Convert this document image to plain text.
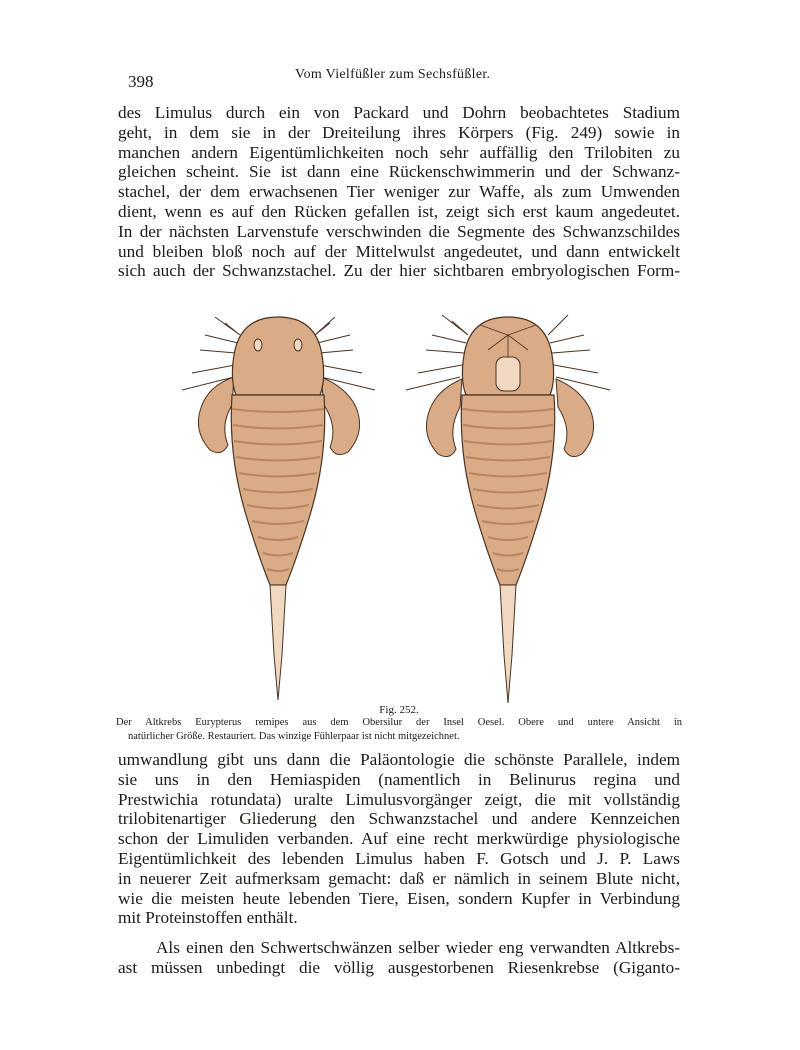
398	Vom Vielfüßler zum Sechsfüßler.
des Limulus durch ein von Packard und Dohrn beobachtetes Stadium
geht, in dem sie in der Dreiteilung ihres Körpers (Fig. 249) sowie in
manchen andern Eigentümlichkeiten noch sehr auffällig den Trilobiten zu
gleichen scheint. Sie ist dann eine Rückenschwimmerin und der Schwanz-
stachel, der dem erwachsenen Tier weniger zur Waffe, als zum Umwenden
dient, wenn es auf den Rücken gefallen ist, zeigt sich erst kaum angedeutet.
In der nächsten Larvenstufe verschwinden die Segmente des Schwanzschildes
und bleiben bloß noch auf der Mittelwulst angedeutet, und dann entwickelt
sich auch der Schwanzstachel. Zu der hier sichtbaren embryologischen Form-
Fig. 252.
Der Altkrebs Eurypterus remipes aus dem Obersilur der Insel Oesel. Obere und untere Ansicht in
natürlicher Größe. Restauriert. Das winzige Fühlerpaar ist nicht mitgezeichnet.
umwandlung gibt uns dann die Paläontologie die schönste Parallele, indem
sie uns in den Hemiaspiden (namentlich in Belinurus regina und
Prestwichia rotundata) uralte Limulusvorgänger zeigt, die mit vollständig
trilobitenartiger Gliederung den Schwanzstachel und andere Kennzeichen
schon der Limuliden verbanden. Auf eine recht merkwürdige physiologische
Eigentümlichkeit des lebenden Limulus haben F. Gotsch und J. P. Laws
in neuerer Zeit aufmerksam gemacht: daß er nämlich in seinem Blute nicht,
wie die meisten heute lebenden Tiere, Eisen, sondern Kupfer in Verbindung
mit Proteinstoffen enthält.
Als einen den Schwertschwänzen selber wieder eng verwandten Altkrebs-
ast müssen unbedingt die völlig ausgestorbenen Riesenkrebse (Giganto-
